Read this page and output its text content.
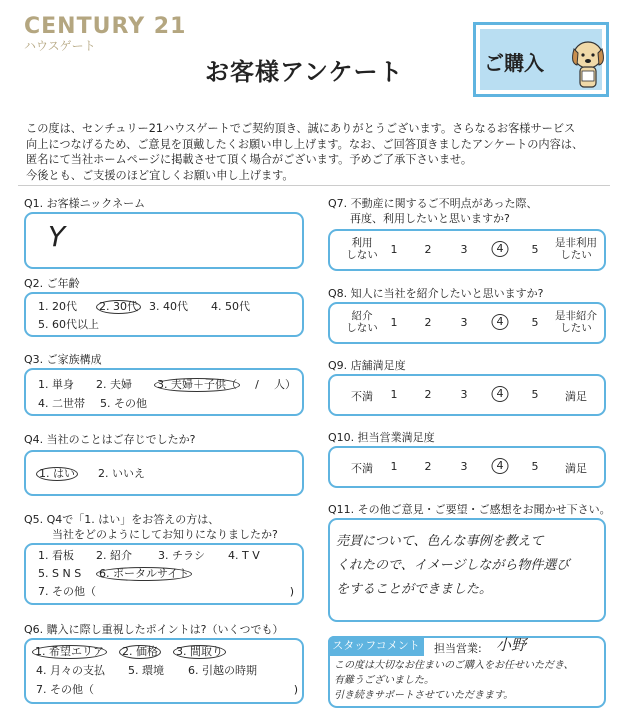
CENTURY 21
ハウスゲート
お客様アンケート	ご購入
この度は、センチュリー21ハウスゲートでご契約頂き、誠にありがとうございます。さらなるお客様サービス
向上につなげるため、ご意見を頂戴したくお願い申し上げます。なお、ご回答頂きましたアンケートの内容は、
匿名にて当社ホームページに掲載させて頂く場合がございます。予めご了承下さいませ。
今後とも、ご支援のほど宜しくお願い申し上げます。
Q1. お客様ニックネーム
Y
Q2. ご年齢
1. 20代 2. 30代 3. 40代 4. 50代
5. 60代以上
Q3. ご家族構成
1. 単身 2. 夫婦 3. 夫婦＋子供（ / 人）
4. 二世帯 5. その他
Q4. 当社のことはご存じでしたか?
1. はい 2. いいえ
Q5. Q4で「1. はい」をお答えの方は、
当社をどのようにしてお知りになりましたか?
1. 看板 2. 紹介 3. チラシ 4. T V
5. S N S 6. ポータルサイト
7. その他（	)
Q6. 購入に際し重視したポイントは?（いくつでも）
1. 希望エリア 2. 価格 3. 間取り
4. 月々の支払 5. 環境 6. 引越の時期
7. その他（	)
Q7. 不動産に関するご不明点があった際、
再度、利用したいと思いますか?
利用
しない 1 2	3	4	5 是非利用
したい
Q8. 知人に当社を紹介したいと思いますか?
紹介
しない 1 2	3	4	5 是非紹介
したい
Q9. 店舗満足度
不満 1 2	3	4	5 満足
Q10. 担当営業満足度
不満 1 2	3	4	5 満足
Q11. その他ご意見・ご要望・ご感想をお聞かせ下さい。
売買について、色んな事例を教えて
くれたので、イメージしながら物件選び
をすることができました。
スタッフコメント	担当営業: 小野
この度は大切なお住まいのご購入をお任せいただき、
有難うございました。
引き続きサポートさせていただきます。
